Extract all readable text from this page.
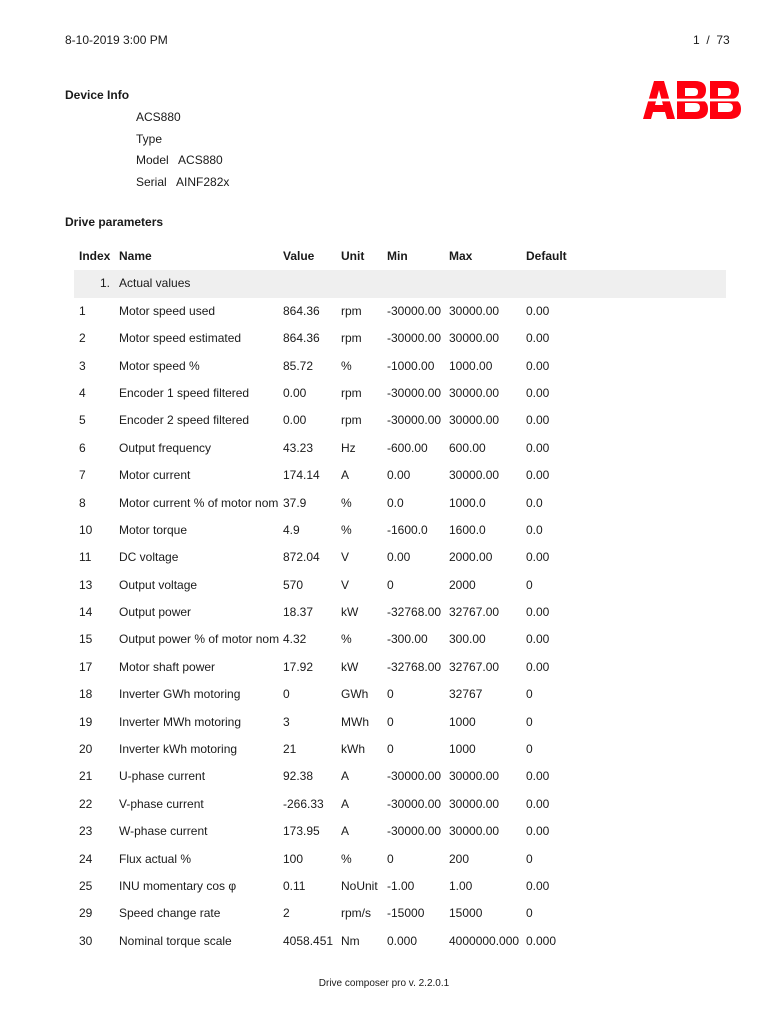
8-10-2019 3:00 PM	1 / 73
Device Info
ACS880
Type
Model ACS880
Serial AINF282x
Drive parameters
Index Name	Value Unit Min	Max	Default
1. Actual values
1	Motor speed used	864.36 rpm -30000.00 30000.00 0.00
2	Motor speed estimated	864.36 rpm -30000.00 30000.00 0.00
3	Motor speed %	85.72 %	-1000.00 1000.00	0.00
4	Encoder 1 speed filtered	0.00	rpm -30000.00 30000.00 0.00
5	Encoder 2 speed filtered	0.00	rpm -30000.00 30000.00 0.00
6	Output frequency	43.23 Hz	-600.00 600.00	0.00
7	Motor current	174.14 A	0.00	30000.00 0.00
8	Motor current % of motor nom 37.9	%	0.0	1000.0	0.0
10 Motor torque	4.9	%	-1600.0 1600.0	0.0
11 DC voltage	872.04 V	0.00	2000.00	0.00
13 Output voltage	570	V	0	2000	0
14 Output power	18.37 kW -32768.00 32767.00 0.00
15 Output power % of motor nom 4.32	%	-300.00 300.00	0.00
17 Motor shaft power	17.92 kW -32768.00 32767.00 0.00
18 Inverter GWh motoring	0	GWh 0	32767	0
19 Inverter MWh motoring	3	MWh 0	1000	0
20 Inverter kWh motoring	21	kWh 0	1000	0
21 U-phase current	92.38 A	-30000.00 30000.00 0.00
22 V-phase current	-266.33 A	-30000.00 30000.00 0.00
23 W-phase current	173.95 A	-30000.00 30000.00 0.00
24 Flux actual %	100	%	0	200	0
25 INU momentary cos φ	0.11	NoUnit -1.00	1.00	0.00
29 Speed change rate	2	rpm/s -15000 15000	0
30 Nominal torque scale	4058.451 Nm 0.000	4000000.000 0.000
Drive composer pro v. 2.2.0.1
